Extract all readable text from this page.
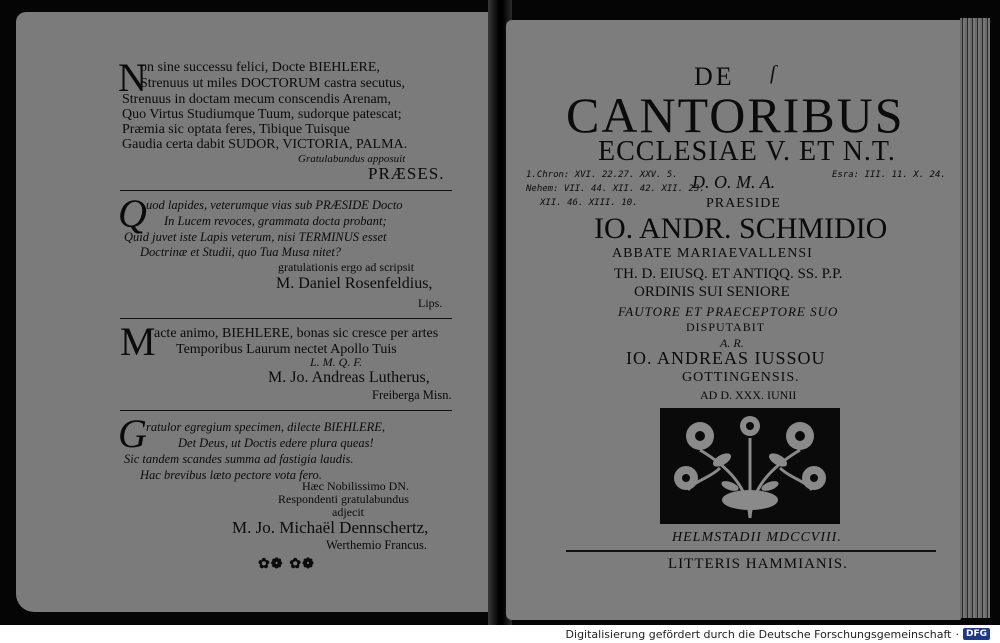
N
on sine successu felici, Docte BIEHLERE,
Strenuus ut miles DOCTORUM castra secutus,
Strenuus in doctam mecum conscendis Arenam,
Quo Virtus Studiumque Tuum, sudorque patescat;
Præmia sic optata feres, Tibique Tuisque
Gaudia certa dabit SUDOR, VICTORIA, PALMA.
Gratulabundus apposuit
PRÆSES.
Q uod lapides, veterumque vias sub PRÆSIDE Docto
In Lucem revoces, grammata docta probant;
Quid juvet iste Lapis veterum, nisi TERMINUS esset
Doctrinæ et Studii, quo Tua Musa nitet?
gratulationis ergo ad scripsit
M. Daniel Rosenfeldius,
Lips.
M
acte animo, BIEHLERE, bonas sic cresce per artes
Temporibus Laurum nectet Apollo Tuis
L. M. Q. F.
M. Jo. Andreas Lutherus,
Freiberga Misn.
G ratulor egregium specimen, dilecte BIEHLERE,
Det Deus, ut Doctis edere plura queas!
Sic tandem scandes summa ad fastigia laudis.
Hac brevibus læto pectore vota fero.
Hæc Nobilissimo DN.
Respondenti gratulabundus
adjecit
M. Jo. Michaël Dennschertz,
Werthemio Francus.
✿❁ ✿❁
DE ſ
CANTORIBUS
ECCLESIAE V. ET N.T.
1.Chron: XVI. 22.27. XXV. 5.
Nehem: VII. 44. XII. 42. XII. 23.
XII. 46. XIII. 10.
Esra: III. 11. X. 24.
D. O. M. A.
PRAESIDE
IO. ANDR. SCHMIDIO
ABBATE MARIAEVALLENSI
TH. D. EIUSQ. ET ANTIQQ. SS. P.P.
ORDINIS SUI SENIORE
FAUTORE ET PRAECEPTORE SUO
DISPUTABIT
A. R.
IO. ANDREAS IUSSOU
GOTTINGENSIS.
AD D. XXX. IUNII
HELMSTADII MDCCVIII.
LITTERIS HAMMIANIS.
Digitalisierung gefördert durch die Deutsche Forschungsgemeinschaft · DFG
